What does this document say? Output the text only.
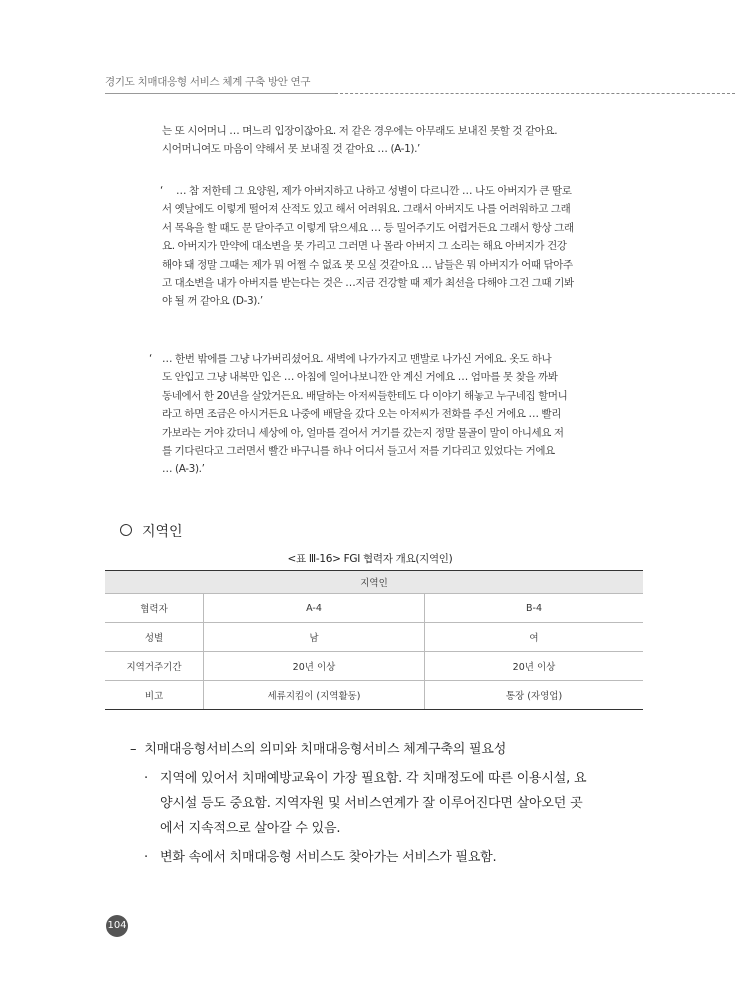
경기도 치매대응형 서비스 체계 구축 방안 연구
는 또 시어머니 … 며느리 입장이잖아요. 저 같은 경우에는 아무래도 보내진 못할 것 같아요.
시어머니여도 마음이 약해서 못 보내질 것 같아요 … (A-1).’
‘	… 참 저한테 그 요양원, 제가 아버지하고 나하고 성별이 다르니깐 … 나도 아버지가 큰 딸로
서 옛날에도 이렇게 떨어져 산적도 있고 해서 어려워요. 그래서 아버지도 나를 어려워하고 그래
서 목욕을 할 때도 문 닫아주고 이렇게 닦으세요 … 등 밀어주기도 어렵거든요 그래서 항상 그래
요. 아버지가 만약에 대소변을 못 가리고 그러면 나 몰라 아버지 그 소리는 해요 아버지가 건강
해야 돼 정말 그때는 제가 뭐 어쩔 수 없죠 못 모실 것같아요 … 남들은 뭐 아버지가 어때 닦아주
고 대소변을 내가 아버지를 받는다는 것은 …지금 건강할 때 제가 최선을 다해야 그건 그때 기봐
야 될 꺼 같아요 (D-3).’
‘ … 한번 밖에를 그냥 나가버리셨어요. 새벽에 나가가지고 맨발로 나가신 거에요. 옷도 하나
도 안입고 그냥 내복만 입은 … 아침에 일어나보니깐 안 계신 거에요 … 엄마를 못 찾을 까봐
동네에서 한 20년을 살았거든요. 배달하는 아저씨들한테도 다 이야기 해놓고 누구네집 할머니
라고 하면 조금은 아시거든요 나중에 배달을 갔다 오는 아저씨가 전화를 주신 거에요 … 빨리
가보라는 거야 갔더니 세상에 아, 얼마를 걸어서 거기를 갔는지 정말 물골이 말이 아니세요 저
를 기다린다고 그러면서 빨간 바구니를 하나 어디서 들고서 저를 기다리고 있었다는 거에요
… (A-3).’
지역인
<표 Ⅲ-16> FGI 협력자 개요(지역인)
지역인		
협력자	A-4	B-4
성별	남	여
지역거주기간	20년 이상	20년 이상
비고	세류지킴이 (지역활동)	통장 (자영업)
– 치매대응형서비스의 의미와 치매대응형서비스 체계구축의 필요성
· 지역에 있어서 치매예방교육이 가장 필요함. 각 치매정도에 따른 이용시설, 요
양시설 등도 중요함. 지역자원 및 서비스연계가 잘 이루어진다면 살아오던 곳
에서 지속적으로 살아갈 수 있음.
· 변화 속에서 치매대응형 서비스도 찾아가는 서비스가 필요함.
104
